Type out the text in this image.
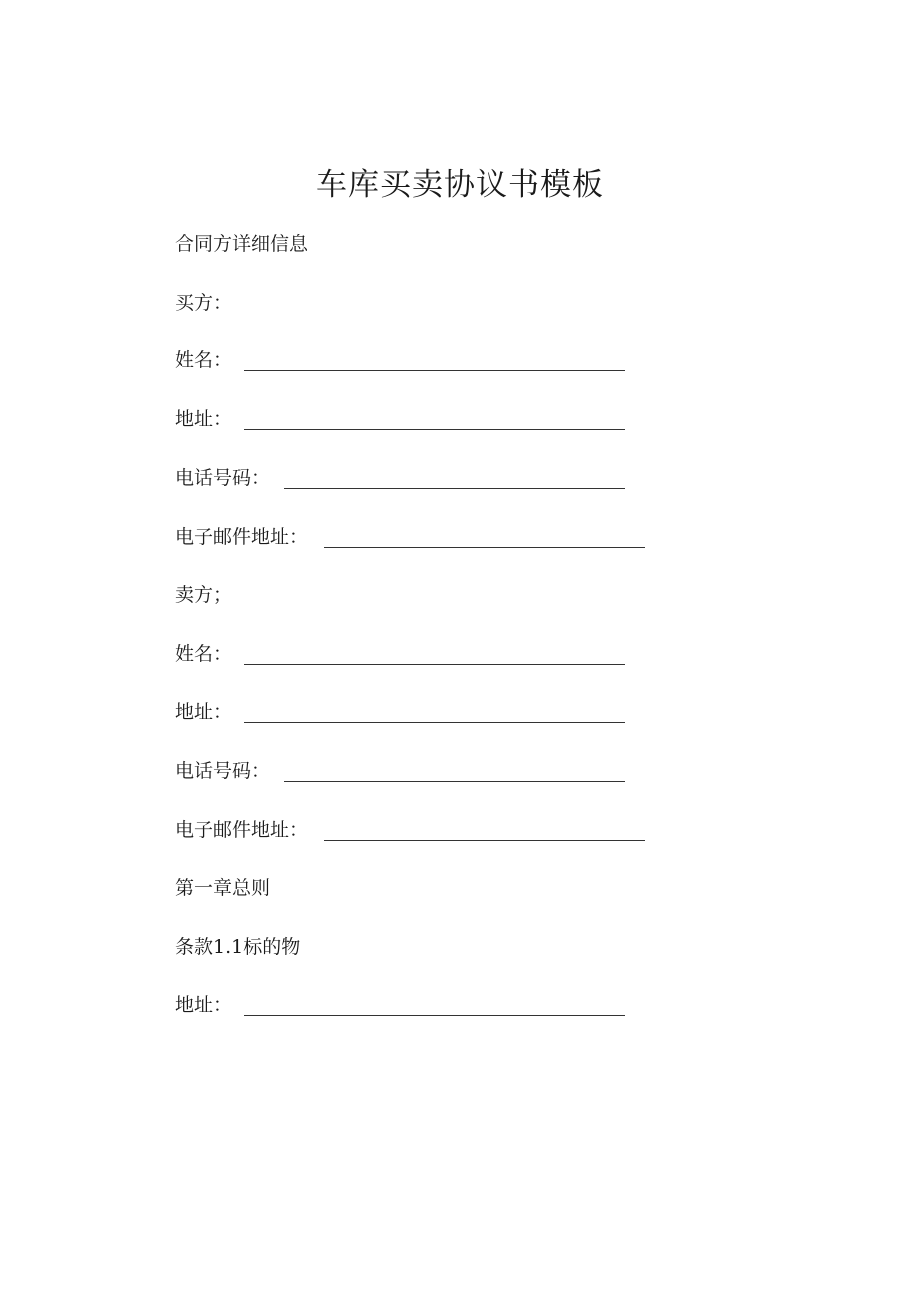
车库买卖协议书模板
合同方详细信息
买方：
姓名：
地址：
电话号码：
电子邮件地址：
卖方；
姓名：
地址：
电话号码：
电子邮件地址：
第一章总则
条款1.1标的物
地址：
